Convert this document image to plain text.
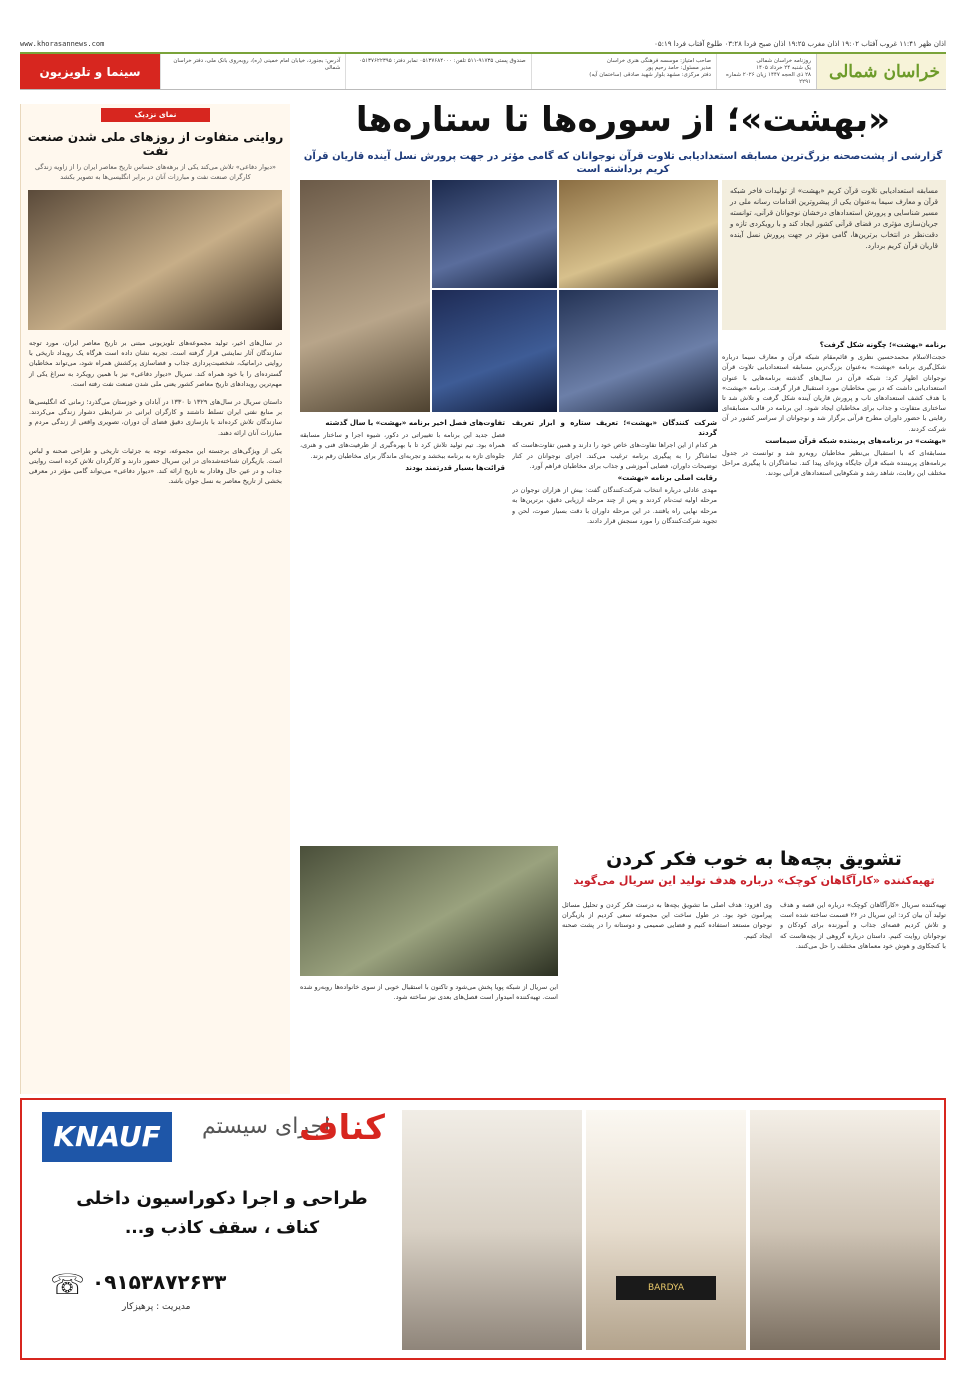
اذان ظهر ۱۱:۴۱ غروب آفتاب ۱۹:۰۲ اذان مغرب ۱۹:۲۵ اذان صبح فردا ۰۳:۲۸ طلوع آفتاب فردا ۰۵:۱۹
www.khorasannews.com
خراسان شمالی
روزنامه خراسان شمالی
یک شنبه ۲۴ خرداد ۱۴۰۵
۲۸ ذی الحجه ۱۴۴۷ زیان ۲۰۲۶ شماره ۲۲۹۱
صاحب امتیاز: موسسه فرهنگی هنری خراسان
مدیر مسئول: حامد رحیم پور
دفتر مرکزی: مشهد بلوار شهید صادقی (ساختمان آیه)
صندوق پستی ۹۱۷۳۵-۵۱۱ تلفن: ۰۵۱۳۷۶۸۴۰۰۰ نمابر دفتر: ۰۵۱۳۷۶۲۲۳۹۵
آدرس: بجنورد، خیابان امام خمینی (ره)، روبه‌روی بانک ملی، دفتر خراسان شمالی
سینما و تلویزیون
«بهشت»؛ از سوره‌ها تا ستاره‌ها
گزارشی از پشت‌صحنه بزرگ‌ترین مسابقه استعدادیابی تلاوت قرآن نوجوانان که گامی مؤثر در جهت پرورش نسل آینده قاریان قرآن کریم برداشته است
مسابقه استعدادیابی تلاوت قرآن کریم «بهشت» از تولیدات فاخر شبکه قرآن و معارف سیما به‌عنوان یکی از پیشروترین اقدامات رسانه ملی در مسیر شناسایی و پرورش استعدادهای درخشان نوجوانان قرآنی، توانسته جریان‌سازی مؤثری در فضای قرآنی کشور ایجاد کند و با رویکردی تازه و دقت‌نظر در انتخاب برترین‌ها، گامی مؤثر در جهت پرورش نسل آینده قاریان قرآن کریم بردارد.
برنامه «بهشت»؛ چگونه شکل گرفت؟

حجت‌الاسلام محمدحسین نظری و قائم‌مقام شبکه قرآن و معارف سیما درباره شکل‌گیری برنامه «بهشت» به‌عنوان بزرگ‌ترین مسابقه استعدادیابی تلاوت قرآن نوجوانان اظهار کرد: شبکه قرآن در سال‌های گذشته برنامه‌هایی با عنوان استعدادیابی داشت که در بین مخاطبان مورد استقبال قرار گرفت. برنامه «بهشت» با هدف کشف استعدادهای ناب و پرورش قاریان آینده شکل گرفت و تلاش شد تا ساختاری متفاوت و جذاب برای مخاطبان ایجاد شود. این برنامه در قالب مسابقه‌ای رقابتی با حضور داوران مطرح قرآنی برگزار شد و نوجوانان از سراسر کشور در آن شرکت کردند.

«بهشت» در برنامه‌های پربیننده شبکه قرآن سیماست

مسابقه‌ای که با استقبال بی‌نظیر مخاطبان روبه‌رو شد و توانست در جدول برنامه‌های پربیننده شبکه قرآن جایگاه ویژه‌ای پیدا کند. تماشاگران با پیگیری مراحل مختلف این رقابت، شاهد رشد و شکوفایی استعدادهای قرآنی بودند.

شرکت کنندگان «بهشت»؛ تعریف ستاره و ابزار تعریف گردند

هر کدام از این اجراها تفاوت‌های خاص خود را دارند و همین تفاوت‌هاست که تماشاگر را به پیگیری برنامه ترغیب می‌کند. اجرای نوجوانان در کنار توضیحات داوران، فضایی آموزشی و جذاب برای مخاطبان فراهم آورد.

رقابت اصلی برنامه «بهشت»

مهدی عادلی درباره انتخاب شرکت‌کنندگان گفت: بیش از هزاران نوجوان در مرحله اولیه ثبت‌نام کردند و پس از چند مرحله ارزیابی دقیق، برترین‌ها به مرحله نهایی راه یافتند. در این مرحله داوران با دقت بسیار صوت، لحن و تجوید شرکت‌کنندگان را مورد سنجش قرار دادند.

تفاوت‌های فصل اخیر برنامه «بهشت» با سال گذشته

فصل جدید این برنامه با تغییراتی در دکور، شیوه اجرا و ساختار مسابقه همراه بود. تیم تولید تلاش کرد تا با بهره‌گیری از ظرفیت‌های فنی و هنری، جلوه‌ای تازه به برنامه ببخشد و تجربه‌ای ماندگار برای مخاطبان رقم بزند.

قرائت‌ها بسیار قدرتمند بودند
تشویق بچه‌ها به خوب فکر کردن
تهیه‌کننده «کارآگاهان کوچک» درباره هدف تولید این سریال می‌گوید
تهیه‌کننده سریال «کارآگاهان کوچک» درباره این قصه و هدف تولید آن بیان کرد: این سریال در ۲۶ قسمت ساخته شده است و تلاش کردیم قصه‌ای جذاب و آموزنده برای کودکان و نوجوانان روایت کنیم. داستان درباره گروهی از بچه‌هاست که با کنجکاوی و هوش خود معماهای مختلف را حل می‌کنند.
وی افزود: هدف اصلی ما تشویق بچه‌ها به درست فکر کردن و تحلیل مسائل پیرامون خود بود. در طول ساخت این مجموعه سعی کردیم از بازیگران نوجوان مستعد استفاده کنیم و فضایی صمیمی و دوستانه را در پشت صحنه ایجاد کنیم.
این سریال از شبکه پویا پخش می‌شود و تاکنون با استقبال خوبی از سوی خانواده‌ها روبه‌رو شده است. تهیه‌کننده امیدوار است فصل‌های بعدی نیز ساخته شود.
نمای نزدیک
روایتی متفاوت از روزهای ملی شدن صنعت نفت
«دیوار دفاعی» تلاش می‌کند یکی از برهه‌های حساس تاریخ معاصر ایران را از زاویه زندگی کارگران صنعت نفت و مبارزات آنان در برابر انگلیسی‌ها به تصویر بکشد
در سال‌های اخیر، تولید مجموعه‌های تلویزیونی مبتنی بر تاریخ معاصر ایران، مورد توجه سازندگان آثار نمایشی قرار گرفته است. تجربه نشان داده است هرگاه یک رویداد تاریخی با روایتی دراماتیک، شخصیت‌پردازی جذاب و فضاسازی پرکشش همراه شود، می‌تواند مخاطبان گسترده‌ای را با خود همراه کند. سریال «دیوار دفاعی» نیز با همین رویکرد به سراغ یکی از مهم‌ترین رویدادهای تاریخ معاصر کشور یعنی ملی شدن صنعت نفت رفته است.
داستان سریال در سال‌های ۱۳۲۹ تا ۱۳۳۰ در آبادان و خوزستان می‌گذرد؛ زمانی که انگلیسی‌ها بر منابع نفتی ایران تسلط داشتند و کارگران ایرانی در شرایطی دشوار زندگی می‌کردند. سازندگان تلاش کرده‌اند با بازسازی دقیق فضای آن دوران، تصویری واقعی از زندگی مردم و مبارزات آنان ارائه دهند.
یکی از ویژگی‌های برجسته این مجموعه، توجه به جزئیات تاریخی و طراحی صحنه و لباس است. بازیگران شناخته‌شده‌ای در این سریال حضور دارند و کارگردان تلاش کرده است روایتی جذاب و در عین حال وفادار به تاریخ ارائه کند. «دیوار دفاعی» می‌تواند گامی مؤثر در معرفی بخشی از تاریخ معاصر به نسل جوان باشد.
KNAUF	اجرای سیستم
کناف
طراحی و اجرا دکوراسیون داخلی
کناف ، سقف کاذب و...
☏ ۰۹۱۵۳۸۷۲۶۳۳
مدیریت : پرهیزکار
BARDYA
